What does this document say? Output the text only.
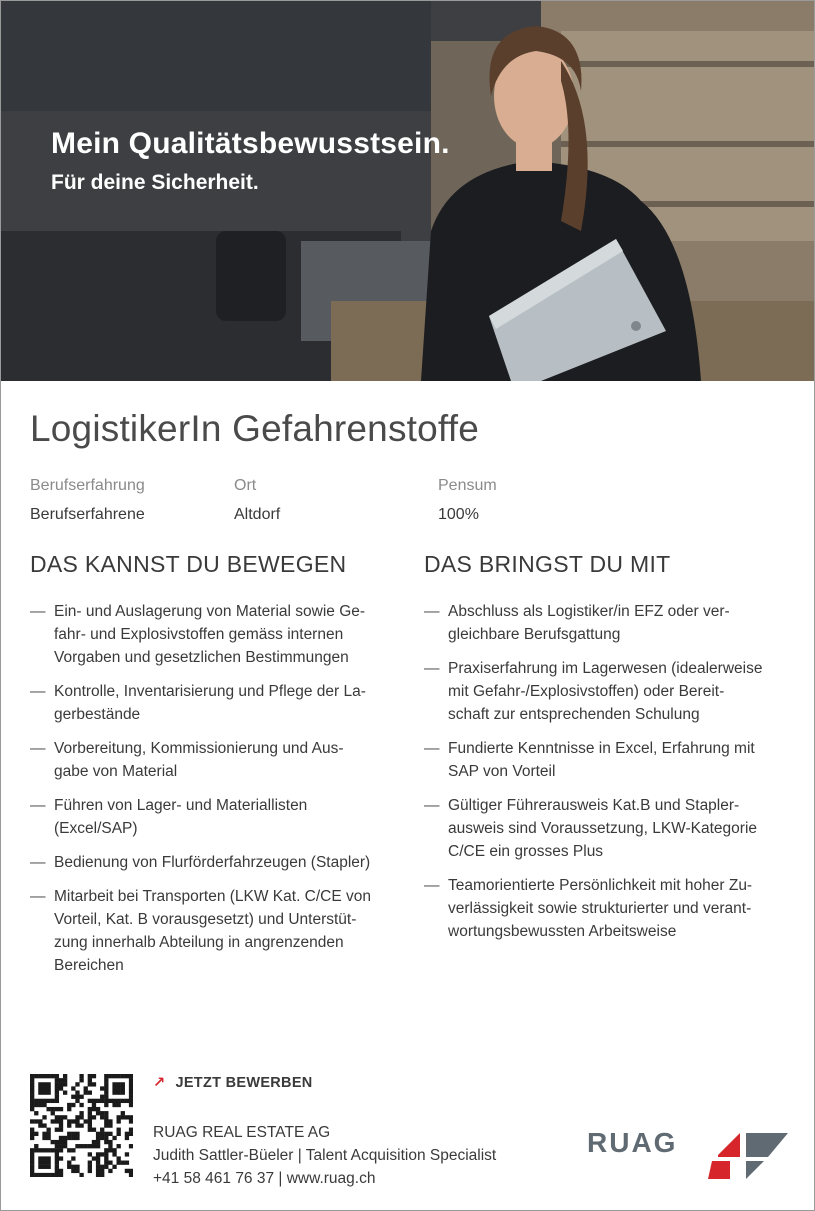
Mein Qualitätsbewusstsein.
Für deine Sicherheit.
LogistikerIn Gefahrenstoffe
Berufserfahrung
Berufserfahrene
Ort
Altdorf
Pensum
100%
DAS KANNST DU BEWEGEN
— Ein- und Auslagerung von Material sowie Ge-
fahr- und Explosivstoffen gemäss internen
Vorgaben und gesetzlichen Bestimmungen
— Kontrolle, Inventarisierung und Pflege der La-
gerbestände
— Vorbereitung, Kommissionierung und Aus-
gabe von Material
— Führen von Lager- und Materiallisten
(Excel/SAP)
— Bedienung von Flurförderfahrzeugen (Stapler)
— Mitarbeit bei Transporten (LKW Kat. C/CE von
Vorteil, Kat. B vorausgesetzt) und Unterstüt-
zung innerhalb Abteilung in angrenzenden
Bereichen
DAS BRINGST DU MIT
— Abschluss als Logistiker/in EFZ oder ver-
gleichbare Berufsgattung
— Praxiserfahrung im Lagerwesen (idealerweise
mit Gefahr-/Explosivstoffen) oder Bereit-
schaft zur entsprechenden Schulung
— Fundierte Kenntnisse in Excel, Erfahrung mit
SAP von Vorteil
— Gültiger Führerausweis Kat.B und Stapler-
ausweis sind Voraussetzung, LKW-Kategorie
C/CE ein grosses Plus
— Teamorientierte Persönlichkeit mit hoher Zu-
verlässigkeit sowie strukturierter und verant-
wortungsbewussten Arbeitsweise
↗ JETZT BEWERBEN
RUAG REAL ESTATE AG
Judith Sattler-Büeler | Talent Acquisition Specialist
+41 58 461 76 37 | www.ruag.ch
RUAG
